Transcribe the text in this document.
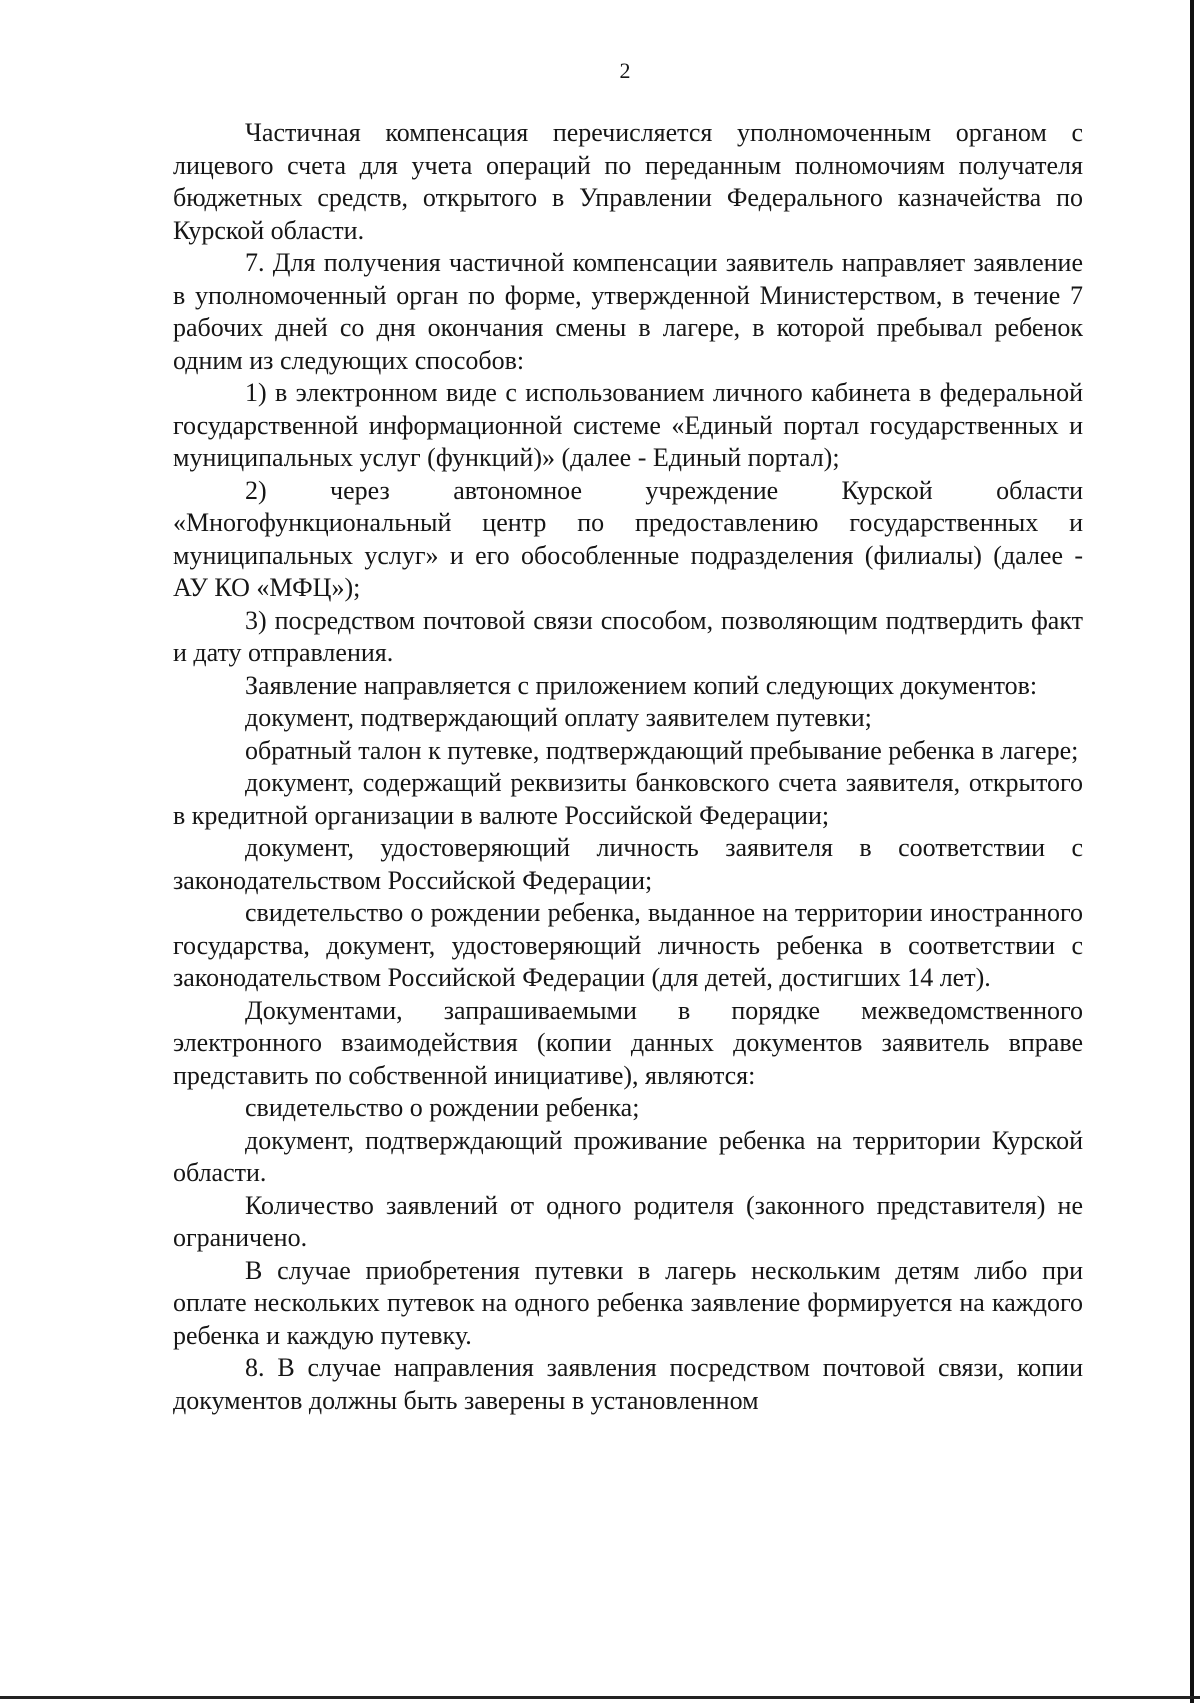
2

Частичная компенсация перечисляется уполномоченным органом с лицевого счета для учета операций по переданным полномочиям получателя бюджетных средств, открытого в Управлении Федерального казначейства по Курской области.

7. Для получения частичной компенсации заявитель направляет заявление в уполномоченный орган по форме, утвержденной Министерством, в течение 7 рабочих дней со дня окончания смены в лагере, в которой пребывал ребенок одним из следующих способов:

1) в электронном виде с использованием личного кабинета в федеральной государственной информационной системе «Единый портал государственных и муниципальных услуг (функций)» (далее - Единый портал);

2) через автономное учреждение Курской области «Многофункциональный центр по предоставлению государственных и муниципальных услуг» и его обособленные подразделения (филиалы) (далее - АУ КО «МФЦ»);

3) посредством почтовой связи способом, позволяющим подтвердить факт и дату отправления.

Заявление направляется с приложением копий следующих документов:

документ, подтверждающий оплату заявителем путевки;

обратный талон к путевке, подтверждающий пребывание ребенка в лагере;

документ, содержащий реквизиты банковского счета заявителя, открытого в кредитной организации в валюте Российской Федерации;

документ, удостоверяющий личность заявителя в соответствии с законодательством Российской Федерации;

свидетельство о рождении ребенка, выданное на территории иностранного государства, документ, удостоверяющий личность ребенка в соответствии с законодательством Российской Федерации (для детей, достигших 14 лет).

Документами, запрашиваемыми в порядке межведомственного электронного взаимодействия (копии данных документов заявитель вправе представить по собственной инициативе), являются:

свидетельство о рождении ребенка;

документ, подтверждающий проживание ребенка на территории Курской области.

Количество заявлений от одного родителя (законного представителя) не ограничено.

В случае приобретения путевки в лагерь нескольким детям либо при оплате нескольких путевок на одного ребенка заявление формируется на каждого ребенка и каждую путевку.

8. В случае направления заявления посредством почтовой связи, копии документов должны быть заверены в установленном
